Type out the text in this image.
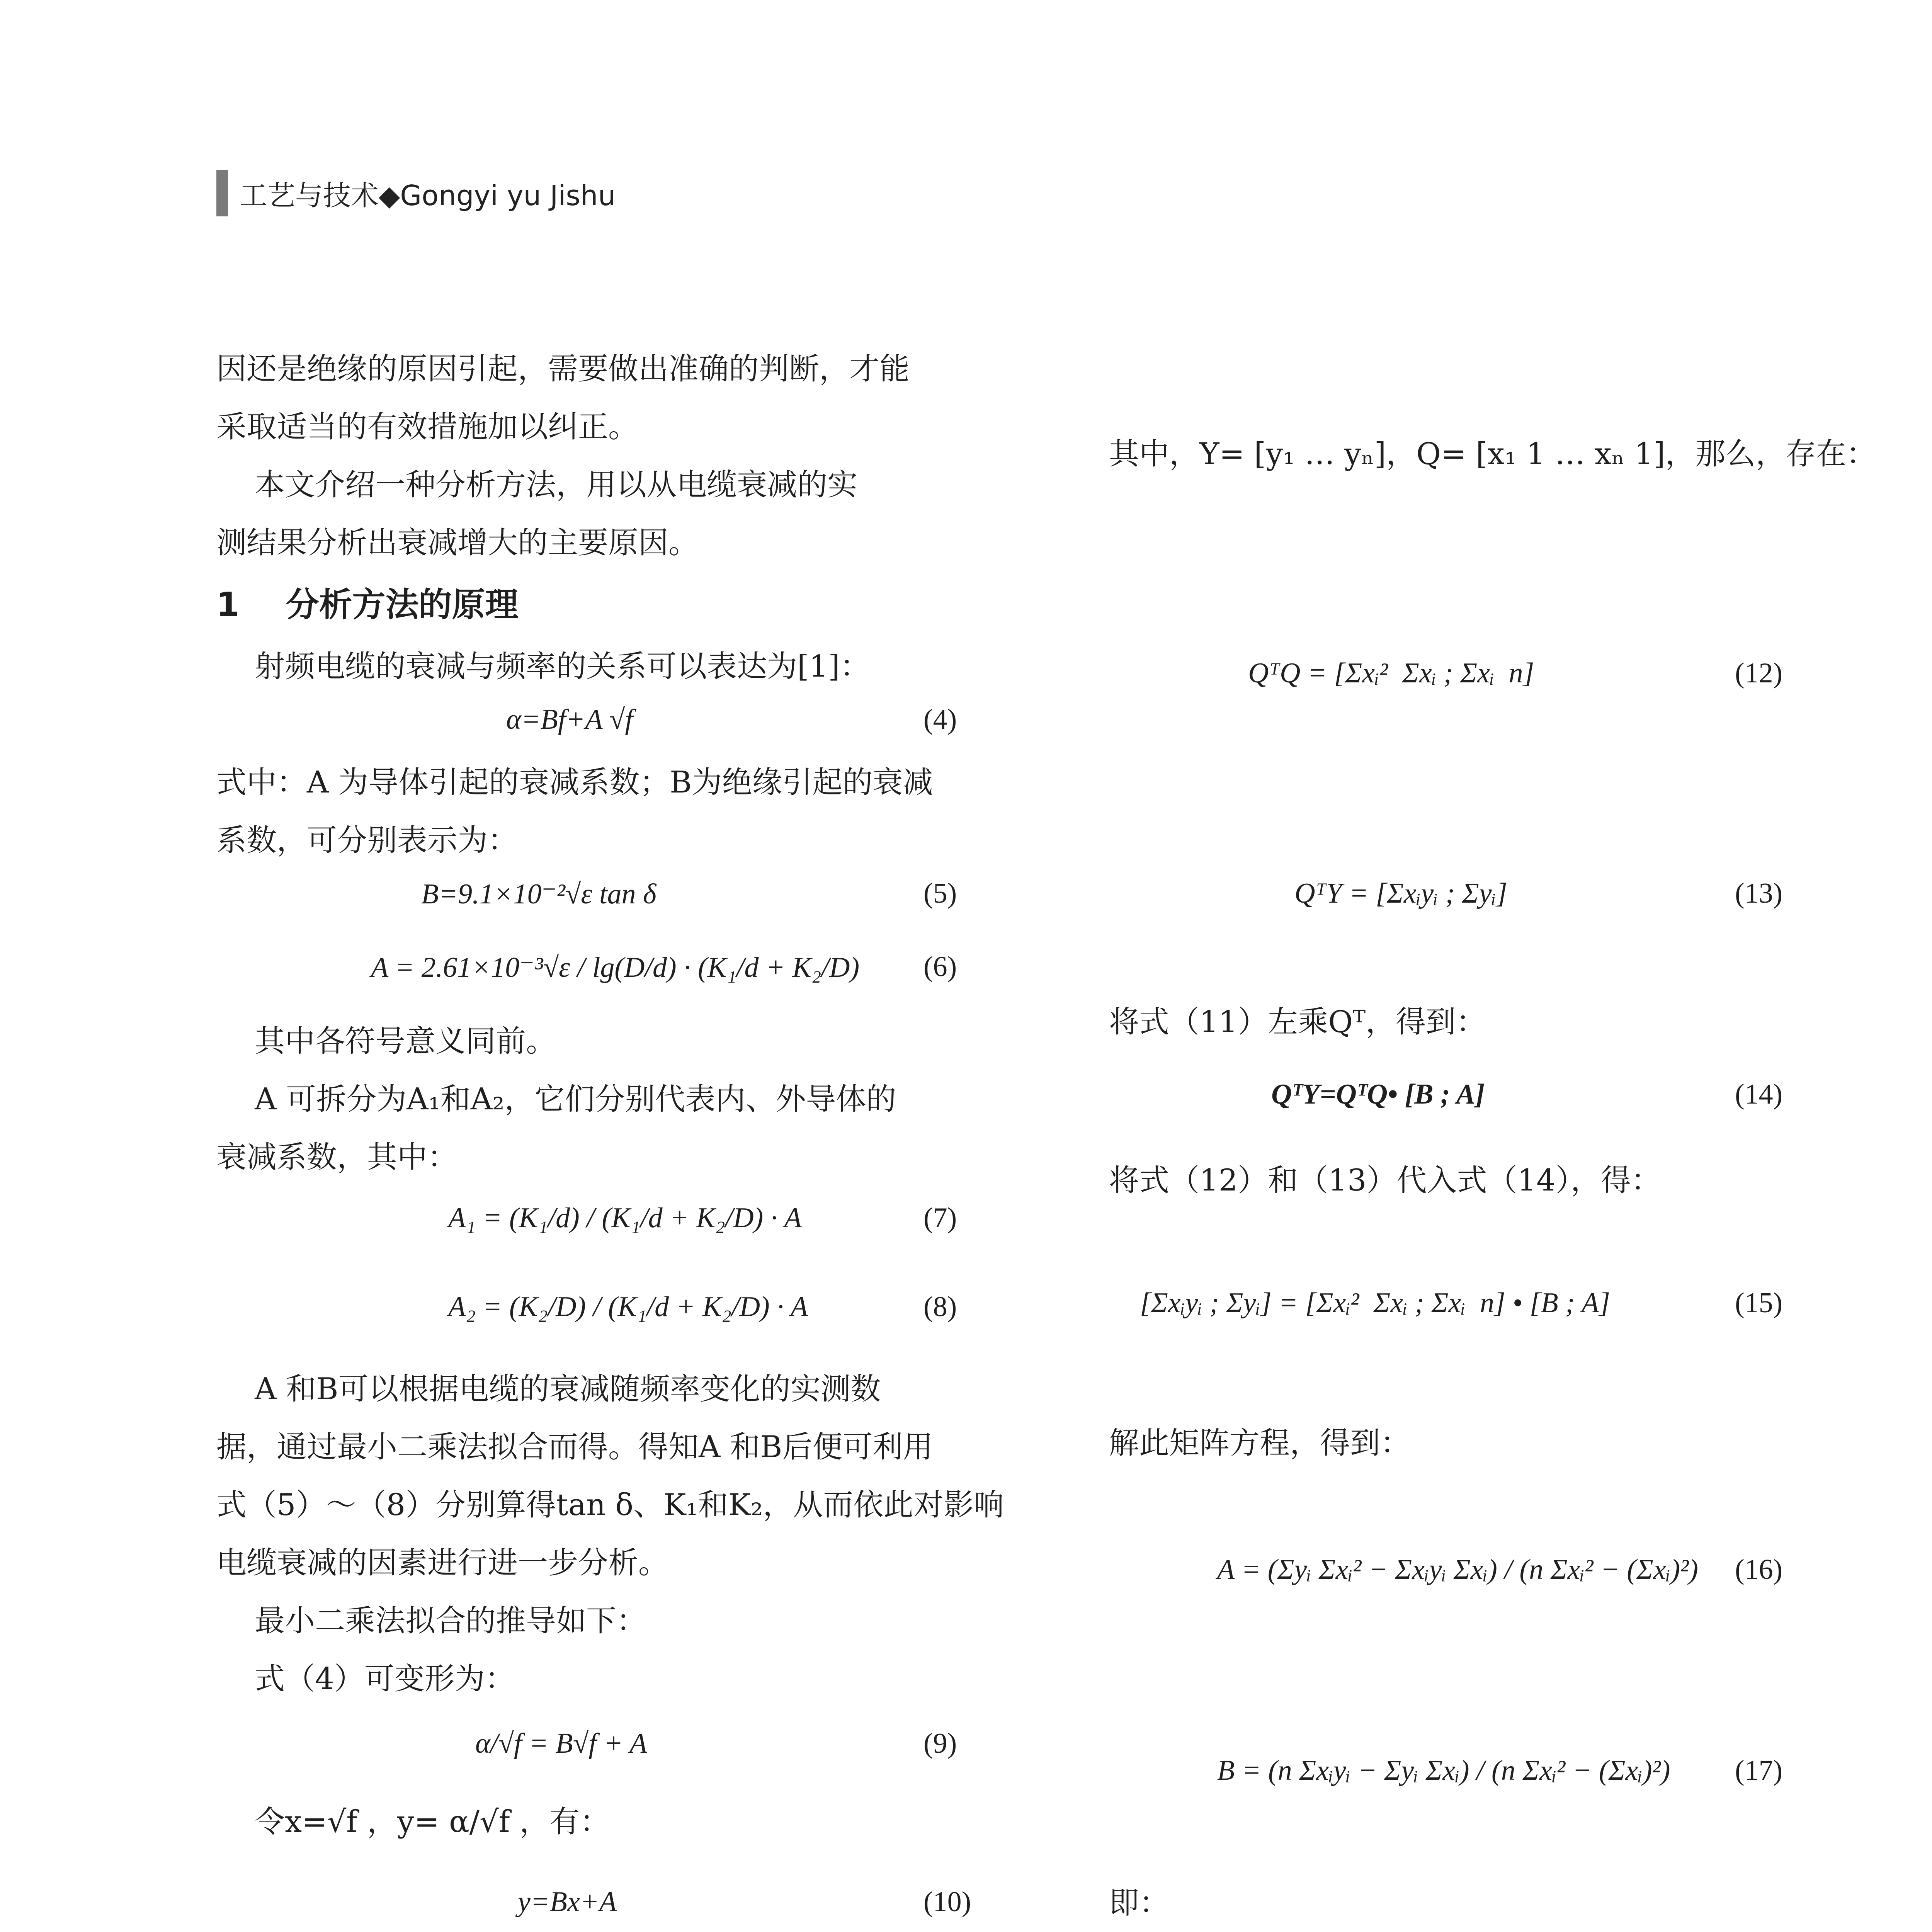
工艺与技术◆Gongyi yu Jishu
因还是绝缘的原因引起，需要做出准确的判断，才能
采取适当的有效措施加以纠正。
本文介绍一种分析方法，用以从电缆衰减的实
测结果分析出衰减增大的主要原因。
1    分析方法的原理
射频电缆的衰减与频率的关系可以表达为[1]：
α=Bf+A √f	(4)
式中：A 为导体引起的衰减系数；B为绝缘引起的衰减
系数，可分别表示为：
B=9.1×10⁻²√ε tan δ	(5)
A = 2.61×10⁻³√ε / lg(D/d) · (K₁/d + K₂/D) (6)
其中各符号意义同前。
A 可拆分为A₁和A₂，它们分别代表内、外导体的
衰减系数，其中：
A₁ = (K₁/d) / (K₁/d + K₂/D) · A	(7)
A₂ = (K₂/D) / (K₁/d + K₂/D) · A	(8)
A 和B可以根据电缆的衰减随频率变化的实测数
据，通过最小二乘法拟合而得。得知A 和B后便可利用
式（5）～（8）分别算得tan δ、K₁和K₂，从而依此对影响
电缆衰减的因素进行进一步分析。
最小二乘法拟合的推导如下：
式（4）可变形为：
α/√f = B√f + A	(9)
令x=√f ，y= α/√f ，有：
y=Bx+A	(10)
其中，Y= [y₁ … yₙ]，Q= [x₁ 1 … xₙ 1]，那么，存在：
QᵀQ = [Σxᵢ²  Σxᵢ ; Σxᵢ  n]	(12)
QᵀY = [Σxᵢyᵢ ; Σyᵢ]	(13)
将式（11）左乘Qᵀ，得到：
QᵀY=QᵀQ• [B ; A]	(14)
将式（12）和（13）代入式（14），得：
[Σxᵢyᵢ ; Σyᵢ] = [Σxᵢ²  Σxᵢ ; Σxᵢ  n] • [B ; A]	(15)
解此矩阵方程，得到：
A = (Σyᵢ Σxᵢ² − Σxᵢyᵢ Σxᵢ) / (n Σxᵢ² − (Σxᵢ)²) (16)
B = (n Σxᵢyᵢ − Σyᵢ Σxᵢ) / (n Σxᵢ² − (Σxᵢ)²) (17)
即：
